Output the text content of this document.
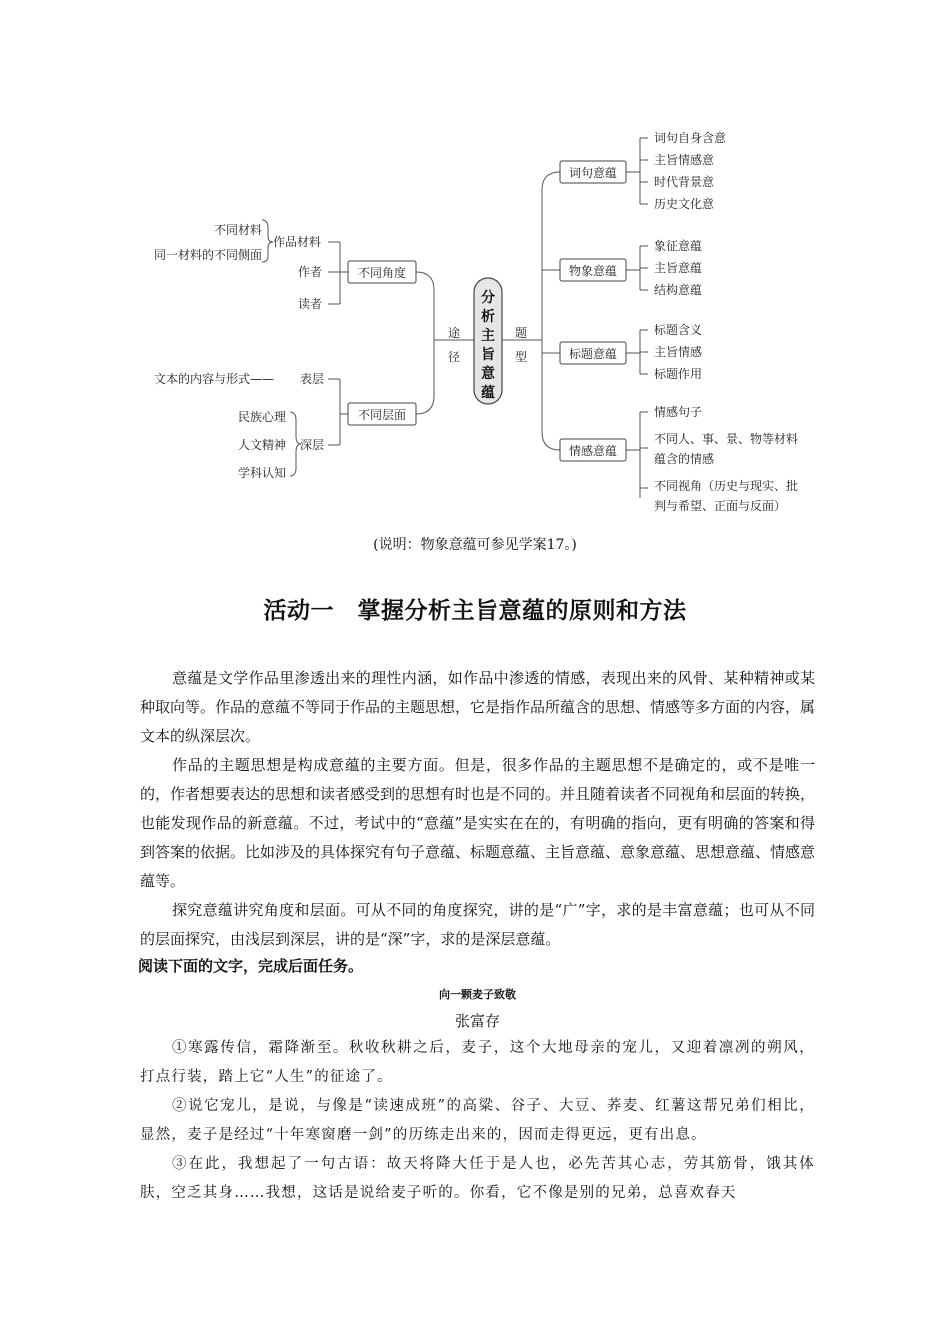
不同材料
同一材料的不同侧面
作品材料
作者
读者
不同角度
文本的内容与形式—— 表层
民族心理
人文精神
学科认知
深层
不同层面
途
径
分
析
主
旨
意
蕴
题
型
词句意蕴
词句自身含意
主旨情感意
时代背景意
历史文化意
物象意蕴
象征意蕴
主旨意蕴
结构意蕴
标题意蕴
标题含义
主旨情感
标题作用
情感意蕴
情感句子
不同人、事、景、物等材料
蕴含的情感
不同视角（历史与现实、批
判与希望、正面与反面）
(说明：物象意蕴可参见学案17。)
活动一　掌握分析主旨意蕴的原则和方法

意蕴是文学作品里渗透出来的理性内涵，如作品中渗透的情感，表现出来的风骨、某种精神或某种取向等。作品的意蕴不等同于作品的主题思想，它是指作品所蕴含的思想、情感等多方面的内容，属文本的纵深层次。

作品的主题思想是构成意蕴的主要方面。但是，很多作品的主题思想不是确定的，或不是唯一的，作者想要表达的思想和读者感受到的思想有时也是不同的。并且随着读者不同视角和层面的转换，也能发现作品的新意蕴。不过，考试中的“意蕴”是实实在在的，有明确的指向，更有明确的答案和得到答案的依据。比如涉及的具体探究有句子意蕴、标题意蕴、主旨意蕴、意象意蕴、思想意蕴、情感意蕴等。

探究意蕴讲究角度和层面。可从不同的角度探究，讲的是“广”字，求的是丰富意蕴；也可从不同的层面探究，由浅层到深层，讲的是“深”字，求的是深层意蕴。

阅读下面的文字，完成后面任务。

向一颗麦子致敬

张富存

①寒露传信，霜降渐至。秋收秋耕之后，麦子，这个大地母亲的宠儿，又迎着凛冽的朔风，打点行装，踏上它“人生”的征途了。

②说它宠儿，是说，与像是“读速成班”的高粱、谷子、大豆、荞麦、红薯这帮兄弟们相比，显然，麦子是经过“十年寒窗磨一剑”的历练走出来的，因而走得更远，更有出息。

③在此，我想起了一句古语：故天将降大任于是人也，必先苦其心志，劳其筋骨，饿其体肤，空乏其身……我想，这话是说给麦子听的。你看，它不像是别的兄弟，总喜欢春天
